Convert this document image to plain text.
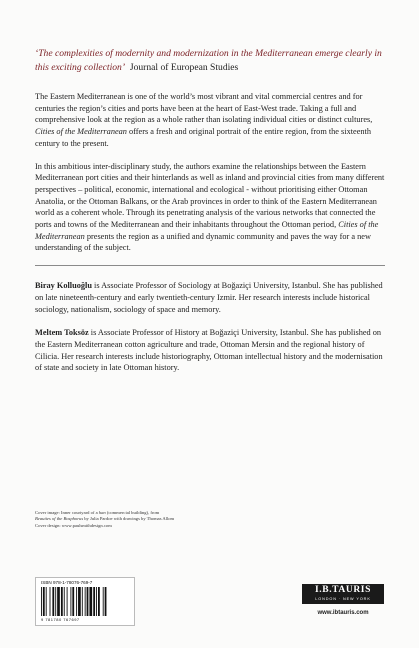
‘The complexities of modernity and modernization in the Mediterranean emerge clearly in this exciting collection’ Journal of European Studies

The Eastern Mediterranean is one of the world’s most vibrant and vital commercial centres and for centuries the region’s cities and ports have been at the heart of East-West trade. Taking a full and comprehensive look at the region as a whole rather than isolating individual cities or distinct cultures, Cities of the Mediterranean offers a fresh and original portrait of the entire region, from the sixteenth century to the present.

In this ambitious inter-disciplinary study, the authors examine the relationships between the Eastern Mediterranean port cities and their hinterlands as well as inland and provincial cities from many different perspectives – political, economic, international and ecological - without prioritising either Ottoman Anatolia, or the Ottoman Balkans, or the Arab provinces in order to think of the Eastern Mediterranean world as a coherent whole. Through its penetrating analysis of the various networks that connected the ports and towns of the Mediterranean and their inhabitants throughout the Ottoman period, Cities of the Mediterranean presents the region as a unified and dynamic community and paves the way for a new understanding of the subject.

Biray Kolluoğlu is Associate Professor of Sociology at Boğaziçi University, Istanbul. She has published on late nineteenth-century and early twentieth-century Izmir. Her research interests include historical sociology, nationalism, sociology of space and memory.

Meltem Toksöz is Associate Professor of History at Boğaziçi University, Istanbul. She has published on the Eastern Mediterranean cotton agriculture and trade, Ottoman Mersin and the regional history of Cilicia. Her research interests include historiography, Ottoman intellectual history and the modernisation of state and society in late Ottoman history.

Cover image: Inner courtyard of a han (commercial building), from
Beauties of the Bosphorus by Julia Pardoe with drawings by Thomas Allom
Cover design: www.paulsmithdesign.com
ISBN 978-1-78076-769-7
9 781780 767697
I.B.TAURIS
LONDON · NEW YORK
www.ibtauris.com
